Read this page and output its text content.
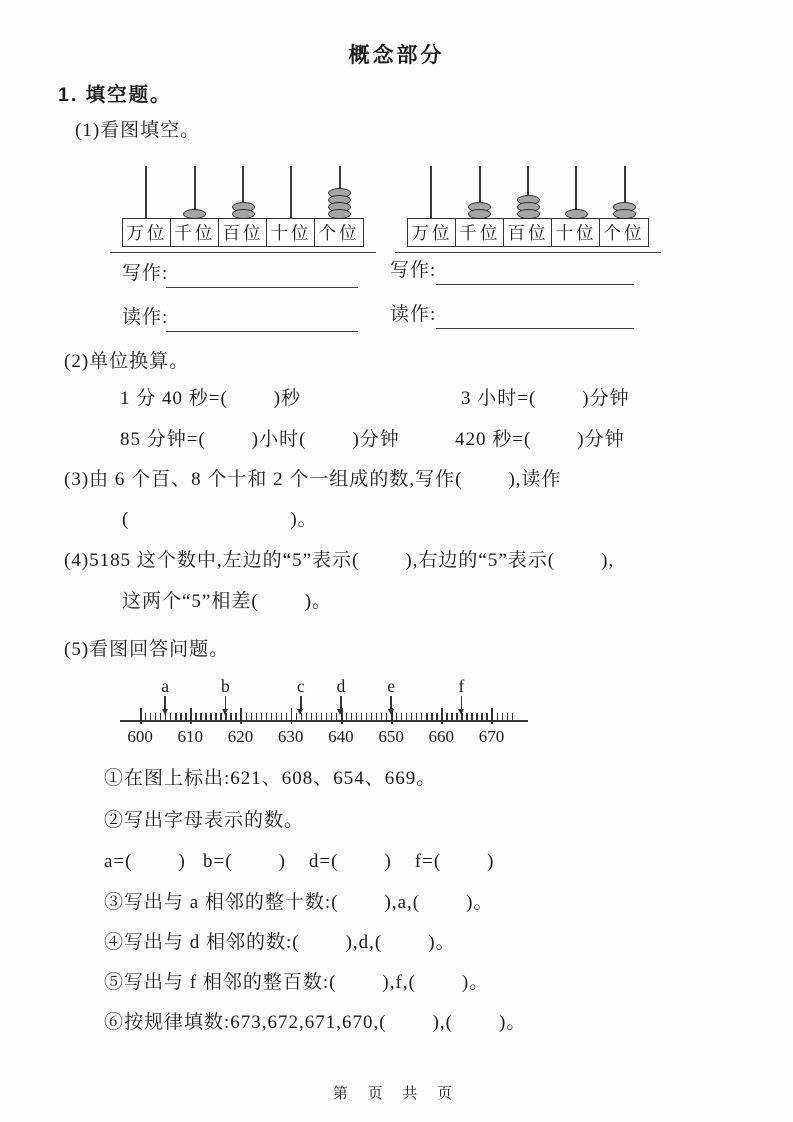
概念部分
1. 填空题。
(1)看图填空。
万位 千位 百位 十位 个位	万位 千位 百位 十位 个位
写作:	写作:
读作:	读作:
(2)单位换算。
1 分 40 秒=(        )秒	3 小时=(        )分钟
85 分钟=(        )小时(        )分钟	420 秒=(        )分钟
(3)由 6 个百、8 个十和 2 个一组成的数,写作(        ),读作
(                            )。
(4)5185 这个数中,左边的“5”表示(        ),右边的“5”表示(        ),
这两个“5”相差(        )。
(5)看图回答问题。
600	610	620	630	640	650	660	670
a	b	c	d	e	f
①在图上标出:621、608、654、669。
②写出字母表示的数。
a=(        )   b=(        )    d=(        )    f=(        )
③写出与 a 相邻的整十数:(        ),a,(        )。
④写出与 d 相邻的数:(        ),d,(        )。
⑤写出与 f 相邻的整百数:(        ),f,(        )。
⑥按规律填数:673,672,671,670,(        ),(        )。
第 页 共 页
